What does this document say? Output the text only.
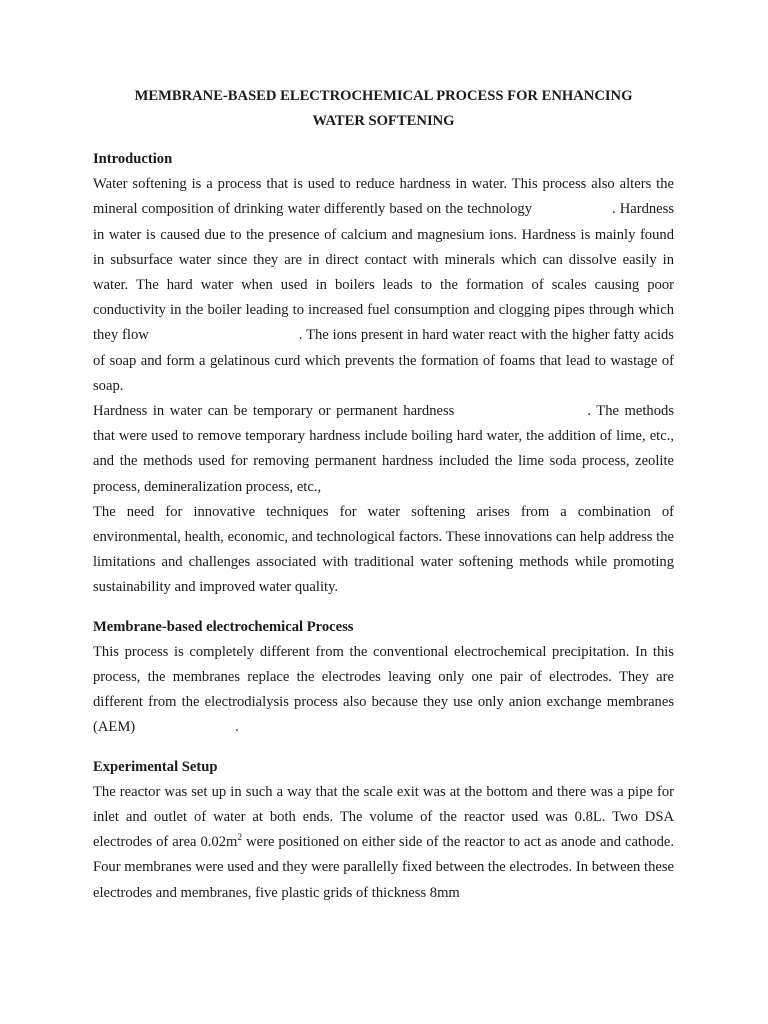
MEMBRANE-BASED ELECTROCHEMICAL PROCESS FOR ENHANCING
WATER SOFTENING
Introduction

Water softening is a process that is used to reduce hardness in water. This process also alters the mineral composition of drinking water differently based on the technology	. Hardness in water is caused due to the presence of calcium and magnesium ions. Hardness is mainly found in subsurface water since they are in direct contact with minerals which can dissolve easily in water. The hard water when used in boilers leads to the formation of scales causing poor conductivity in the boiler leading to increased fuel consumption and clogging pipes through which they flow	. The ions present in hard water react with the higher fatty acids of soap and form a gelatinous curd which prevents the formation of foams that lead to wastage of soap.

Hardness in water can be temporary or permanent hardness	. The methods that were used to remove temporary hardness include boiling hard water, the addition of lime, etc., and the methods used for removing permanent hardness included the lime soda process, zeolite process, demineralization process, etc.,

The need for innovative techniques for water softening arises from a combination of environmental, health, economic, and technological factors. These innovations can help address the limitations and challenges associated with traditional water softening methods while promoting sustainability and improved water quality.

Membrane-based electrochemical Process

This process is completely different from the conventional electrochemical precipitation. In this process, the membranes replace the electrodes leaving only one pair of electrodes. They are different from the electrodialysis process also because they use only anion exchange membranes (AEM)	.

Experimental Setup

The reactor was set up in such a way that the scale exit was at the bottom and there was a pipe for inlet and outlet of water at both ends. The volume of the reactor used was 0.8L. Two DSA electrodes of area $0.02m^2$ were positioned on either side of the reactor to act as anode and cathode. Four membranes were used and they were parallelly fixed between the electrodes. In between these electrodes and membranes, five plastic grids of thickness 8mm
